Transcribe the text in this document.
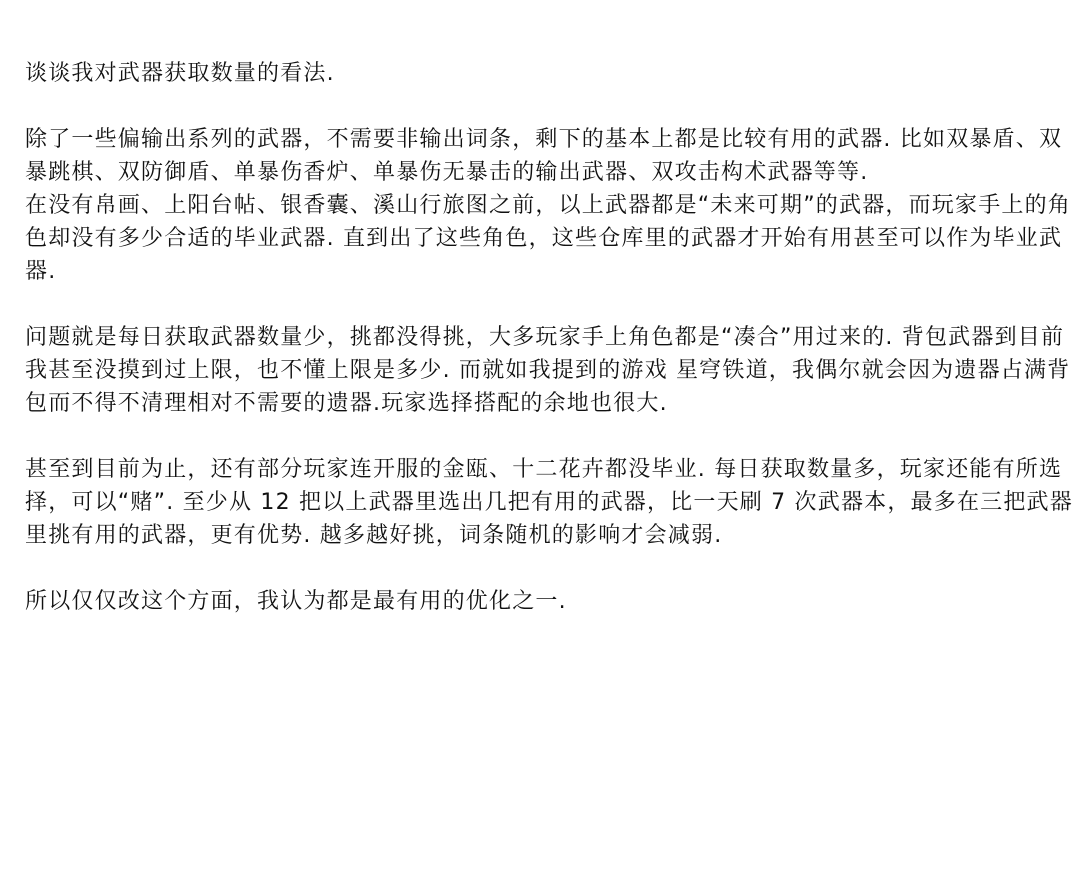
谈谈我对武器获取数量的看法.

除了一些偏输出系列的武器，不需要非输出词条，剩下的基本上都是比较有用的武器. 比如双暴盾、双暴跳棋、双防御盾、单暴伤香炉、单暴伤无暴击的输出武器、双攻击构术武器等等.
在没有帛画、上阳台帖、银香囊、溪山行旅图之前，以上武器都是“未来可期”的武器，而玩家手上的角色却没有多少合适的毕业武器. 直到出了这些角色，这些仓库里的武器才开始有用甚至可以作为毕业武器.

问题就是每日获取武器数量少，挑都没得挑，大多玩家手上角色都是“凑合”用过来的. 背包武器到目前我甚至没摸到过上限，也不懂上限是多少. 而就如我提到的游戏 星穹铁道，我偶尔就会因为遗器占满背包而不得不清理相对不需要的遗器.玩家选择搭配的余地也很大.

甚至到目前为止，还有部分玩家连开服的金瓯、十二花卉都没毕业. 每日获取数量多，玩家还能有所选择，可以“赌”. 至少从 12 把以上武器里选出几把有用的武器，比一天刷 7 次武器本，最多在三把武器里挑有用的武器，更有优势. 越多越好挑，词条随机的影响才会减弱.

所以仅仅改这个方面，我认为都是最有用的优化之一.
